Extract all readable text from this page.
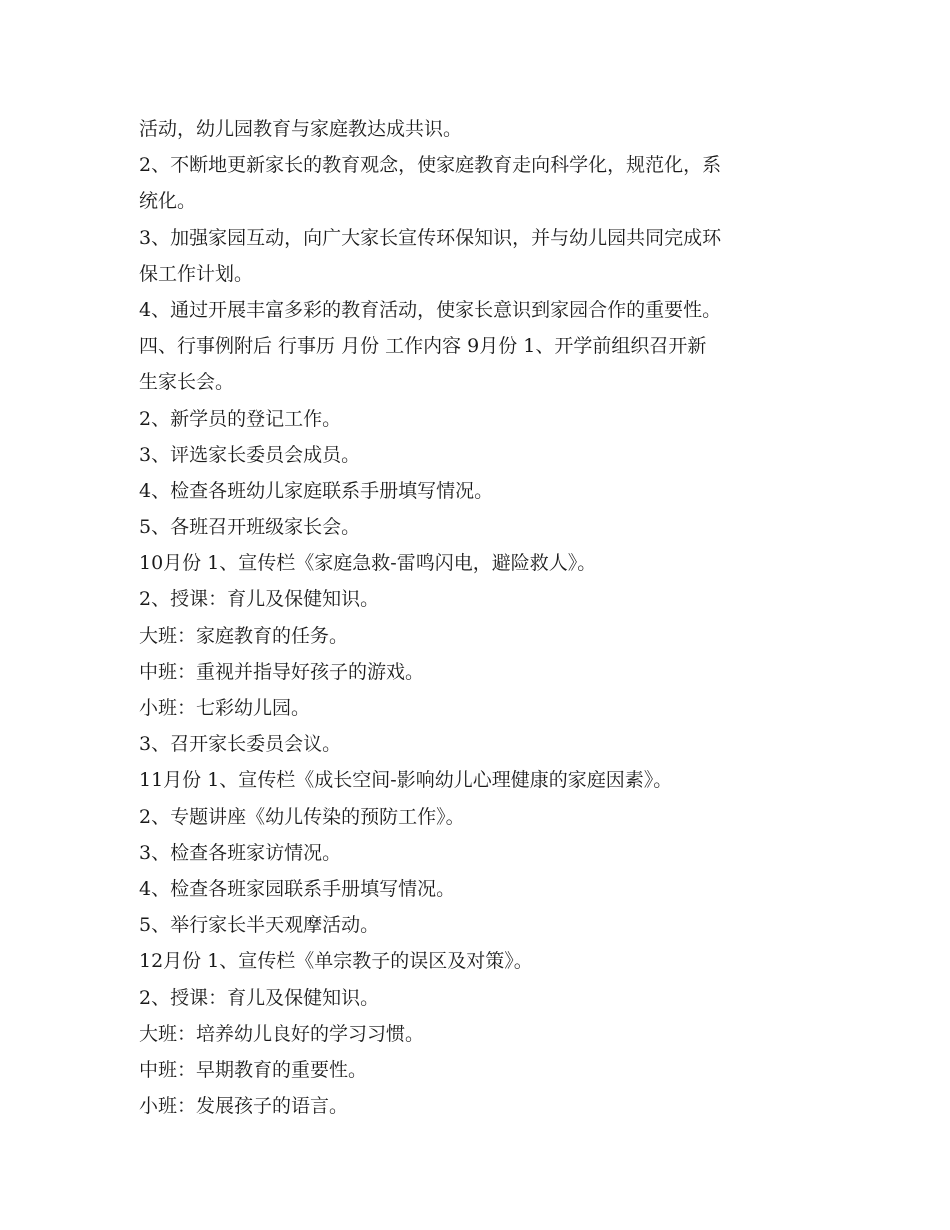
活动，幼儿园教育与家庭教达成共识。
2、不断地更新家长的教育观念，使家庭教育走向科学化，规范化，系
统化。
3、加强家园互动，向广大家长宣传环保知识，并与幼儿园共同完成环
保工作计划。
4、通过开展丰富多彩的教育活动，使家长意识到家园合作的重要性。
四、行事例附后 行事历 月份 工作内容 9月份 1、开学前组织召开新
生家长会。
2、新学员的登记工作。
3、评选家长委员会成员。
4、检查各班幼儿家庭联系手册填写情况。
5、各班召开班级家长会。
10月份 1、宣传栏《家庭急救-雷鸣闪电，避险救人》。
2、授课：育儿及保健知识。
大班：家庭教育的任务。
中班：重视并指导好孩子的游戏。
小班：七彩幼儿园。
3、召开家长委员会议。
11月份 1、宣传栏《成长空间-影响幼儿心理健康的家庭因素》。
2、专题讲座《幼儿传染的预防工作》。
3、检查各班家访情况。
4、检查各班家园联系手册填写情况。
5、举行家长半天观摩活动。
12月份 1、宣传栏《单宗教子的误区及对策》。
2、授课：育儿及保健知识。
大班：培养幼儿良好的学习习惯。
中班：早期教育的重要性。
小班：发展孩子的语言。
